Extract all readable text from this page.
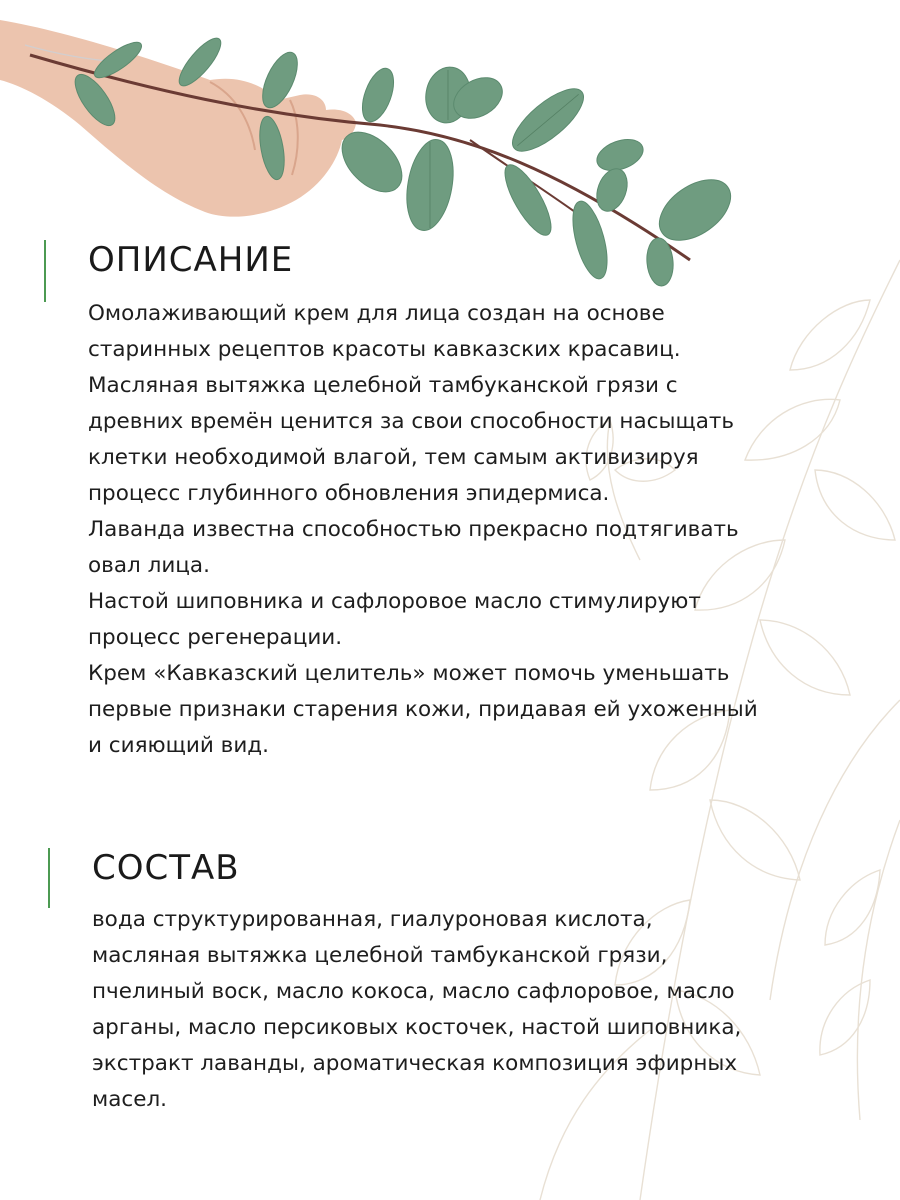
ОПИСАНИЕ
Омолаживающий крем для лица создан на основе
старинных рецептов красоты кавказских красавиц.
Масляная вытяжка целебной тамбуканской грязи с
древних времён ценится за свои способности насыщать
клетки необходимой влагой, тем самым активизируя
процесс глубинного обновления эпидермиса.
Лаванда известна способностью прекрасно подтягивать
овал лица.
Настой шиповника и сафлоровое масло стимулируют
процесс регенерации.
Крем «Кавказский целитель» может помочь уменьшать
первые признаки старения кожи, придавая ей ухоженный
и сияющий вид.
СОСТАВ
вода структурированная, гиалуроновая кислота,
масляная вытяжка целебной тамбуканской грязи,
пчелиный воск, масло кокоса, масло сафлоровое, масло
арганы, масло персиковых косточек, настой шиповника,
экстракт лаванды, ароматическая композиция эфирных
масел.
